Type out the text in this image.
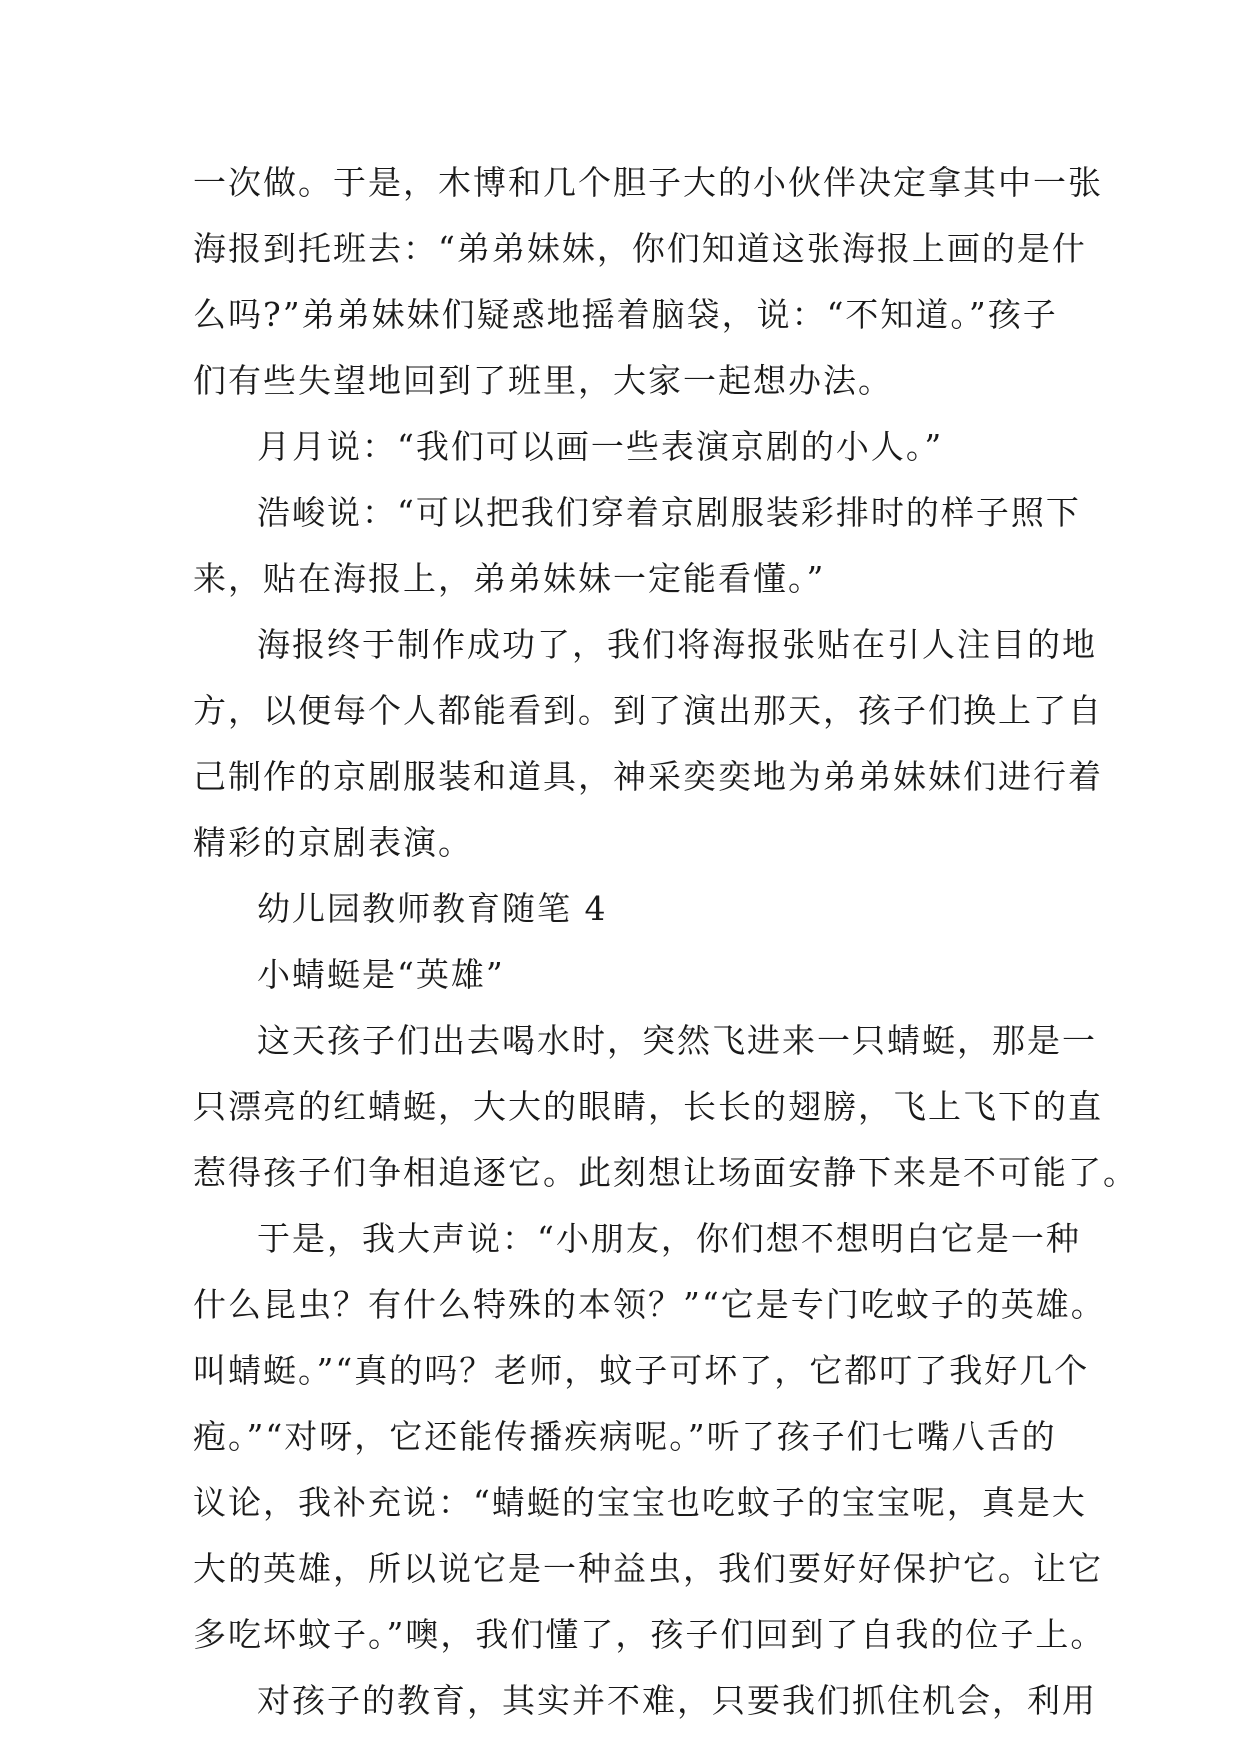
一次做。于是，木博和几个胆子大的小伙伴决定拿其中一张
海报到托班去：“弟弟妹妹，你们知道这张海报上画的是什
么吗?”弟弟妹妹们疑惑地摇着脑袋，说：“不知道。”孩子
们有些失望地回到了班里，大家一起想办法。
月月说：“我们可以画一些表演京剧的小人。”
浩峻说：“可以把我们穿着京剧服装彩排时的样子照下
来，贴在海报上，弟弟妹妹一定能看懂。”
海报终于制作成功了，我们将海报张贴在引人注目的地
方，以便每个人都能看到。到了演出那天，孩子们换上了自
己制作的京剧服装和道具，神采奕奕地为弟弟妹妹们进行着
精彩的京剧表演。
幼儿园教师教育随笔 4
小蜻蜓是“英雄”
这天孩子们出去喝水时，突然飞进来一只蜻蜓，那是一
只漂亮的红蜻蜓，大大的眼睛，长长的翅膀，飞上飞下的直
惹得孩子们争相追逐它。此刻想让场面安静下来是不可能了。
于是，我大声说：“小朋友，你们想不想明白它是一种
什么昆虫？有什么特殊的本领？”“它是专门吃蚊子的英雄。
叫蜻蜓。”“真的吗？老师，蚊子可坏了，它都叮了我好几个
疱。”“对呀，它还能传播疾病呢。”听了孩子们七嘴八舌的
议论，我补充说：“蜻蜓的宝宝也吃蚊子的宝宝呢，真是大
大的英雄，所以说它是一种益虫，我们要好好保护它。让它
多吃坏蚊子。”噢，我们懂了，孩子们回到了自我的位子上。
对孩子的教育，其实并不难，只要我们抓住机会，利用
